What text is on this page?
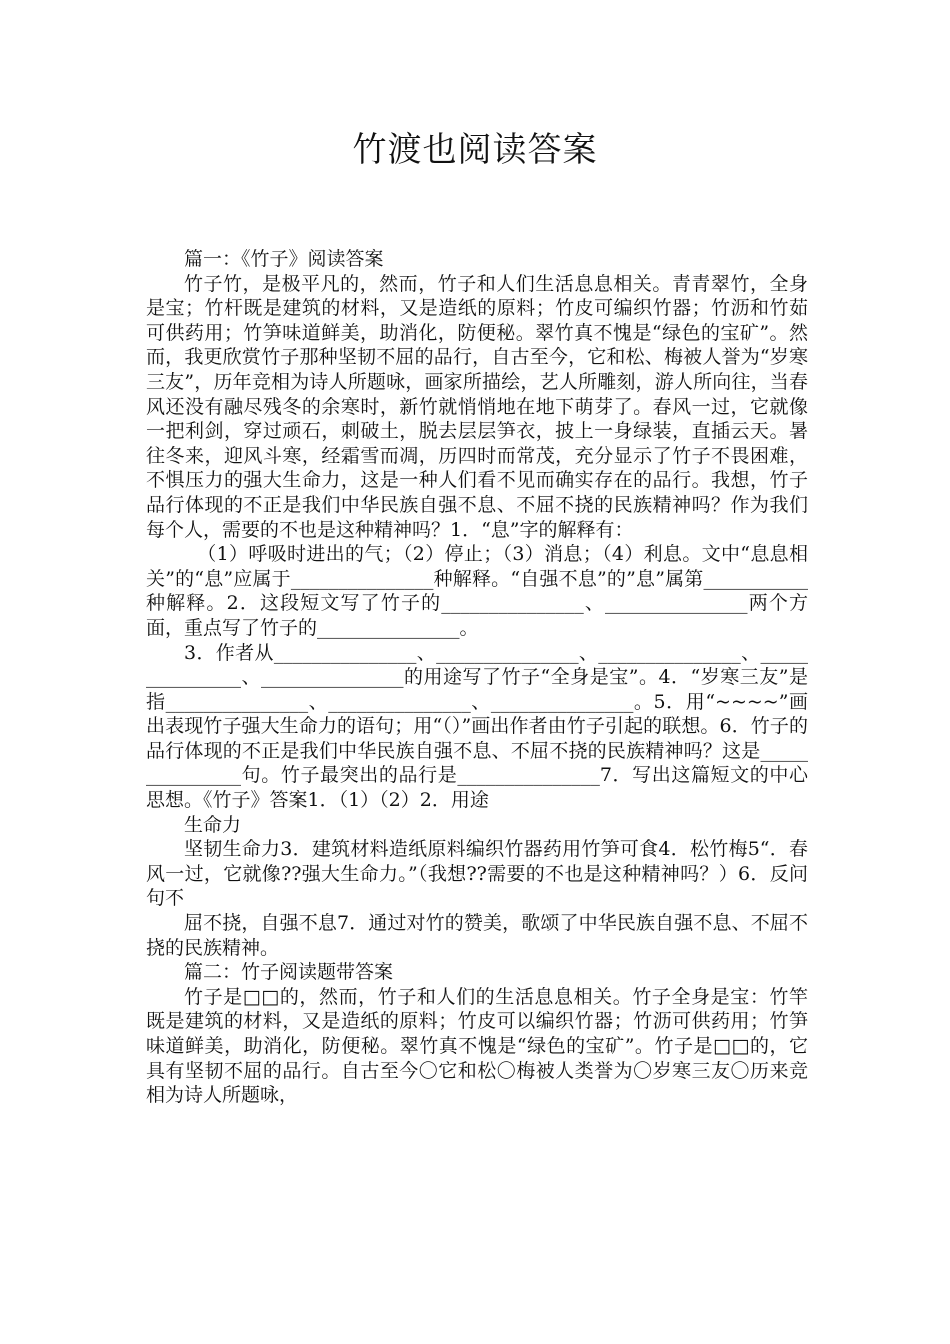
竹渡也阅读答案

篇一：《竹子》阅读答案

竹子竹，是极平凡的，然而，竹子和人们生活息息相关。青青翠竹，全身是宝；竹杆既是建筑的材料，又是造纸的原料；竹皮可编织竹器；竹沥和竹茹可供药用；竹笋味道鲜美，助消化，防便秘。翠竹真不愧是“绿色的宝矿”。然而，我更欣赏竹子那种坚韧不屈的品行，自古至今，它和松、梅被人誉为“岁寒三友”，历年竞相为诗人所题咏，画家所描绘，艺人所雕刻，游人所向往，当春风还没有融尽残冬的余寒时，新竹就悄悄地在地下萌芽了。春风一过，它就像一把利剑，穿过顽石，刺破土，脱去层层笋衣，披上一身绿装，直插云天。暑往冬来，迎风斗寒，经霜雪而凋，历四时而常茂，充分显示了竹子不畏困难，不惧压力的强大生命力，这是一种人们看不见而确实存在的品行。我想，竹子品行体现的不正是我们中华民族自强不息、不屈不挠的民族精神吗？作为我们每个人，需要的不也是这种精神吗？1．“息”字的解释有：

（1）呼吸时进出的气；（2）停止；（3）消息；（4）利息。文中“息息相关”的“息”应属于_______________种解释。“自强不息”的”息”属第___________种解释。2．这段短文写了竹子的_______________、_______________两个方面，重点写了竹子的_______________。

3．作者从_______________、_______________、_______________、_______________、_______________的用途写了竹子“全身是宝”。4．“岁寒三友”是指_______________、_______________、_______________。5．用“~~~~”画出表现竹子强大生命力的语句；用“（）”画出作者由竹子引起的联想。6．竹子的品行体现的不正是我们中华民族自强不息、不屈不挠的民族精神吗？这是_______________句。竹子最突出的品行是_______________7．写出这篇短文的中心思想。《竹子》答案1．（1）（2）2．用途

生命力

坚韧生命力3．建筑材料造纸原料编织竹器药用竹笋可食4．松竹梅5“．春风一过，它就像??强大生命力。”（我想??需要的不也是这种精神吗？）6．反问句不

屈不挠，自强不息7．通过对竹的赞美，歌颂了中华民族自强不息、不屈不挠的民族精神。

篇二：竹子阅读题带答案

竹子是□□的，然而，竹子和人们的生活息息相关。竹子全身是宝：竹竿既是建筑的材料，又是造纸的原料；竹皮可以编织竹器；竹沥可供药用；竹笋味道鲜美，助消化，防便秘。翠竹真不愧是“绿色的宝矿”。竹子是□□的，它具有坚韧不屈的品行。自古至今〇它和松〇梅被人类誉为〇岁寒三友〇历来竞相为诗人所题咏，
